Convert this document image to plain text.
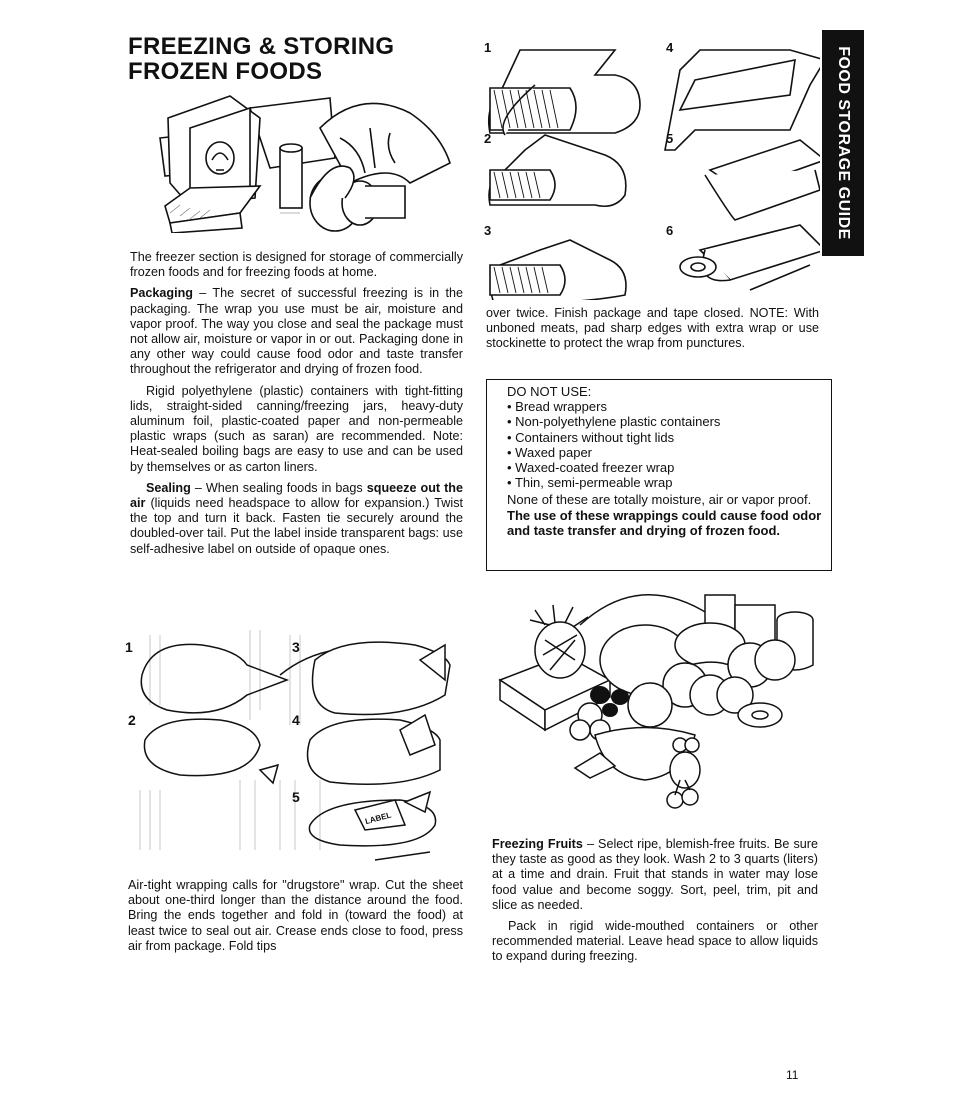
FOOD STORAGE GUIDE
FREEZING & STORING FROZEN FOODS

The freezer section is designed for storage of commercially frozen foods and for freezing foods at home.

Packaging – The secret of successful freezing is in the packaging. The wrap you use must be air, moisture and vapor proof. The way you close and seal the package must not allow air, moisture or vapor in or out. Packaging done in any other way could cause food odor and taste transfer throughout the refrigerator and drying of frozen food.

Rigid polyethylene (plastic) containers with tight-fitting lids, straight-sided canning/freezing jars, heavy-duty aluminum foil, plastic-coated paper and non-permeable plastic wraps (such as saran) are recommended. Note: Heat-sealed boiling bags are easy to use and can be used by themselves or as carton liners.

Sealing – When sealing foods in bags squeeze out the air (liquids need headspace to allow for expansion.) Twist the top and turn it back. Fasten tie securely around the doubled-over tail. Put the label inside transparent bags: use self-adhesive label on outside of opaque ones.

1
2
3
4
5
LABEL

Air-tight wrapping calls for "drugstore" wrap. Cut the sheet about one-third longer than the distance around the food. Bring the ends together and fold in (toward the food) at least twice to seal out air. Crease ends close to food, press air from package. Fold tips

1
2
3
4
5
6

over twice. Finish package and tape closed. NOTE: With unboned meats, pad sharp edges with extra wrap or use stockinette to protect the wrap from punctures.

DO NOT USE:

• Bread wrappers
• Non-polyethylene plastic containers
• Containers without tight lids
• Waxed paper
• Waxed-coated freezer wrap
• Thin, semi-permeable wrap

None of these are totally moisture, air or vapor proof. The use of these wrappings could cause food odor and taste transfer and drying of frozen food.

Freezing Fruits – Select ripe, blemish-free fruits. Be sure they taste as good as they look. Wash 2 to 3 quarts (liters) at a time and drain. Fruit that stands in water may lose food value and become soggy. Sort, peel, trim, pit and slice as needed.

Pack in rigid wide-mouthed containers or other recommended material. Leave head space to allow liquids to expand during freezing.

11
